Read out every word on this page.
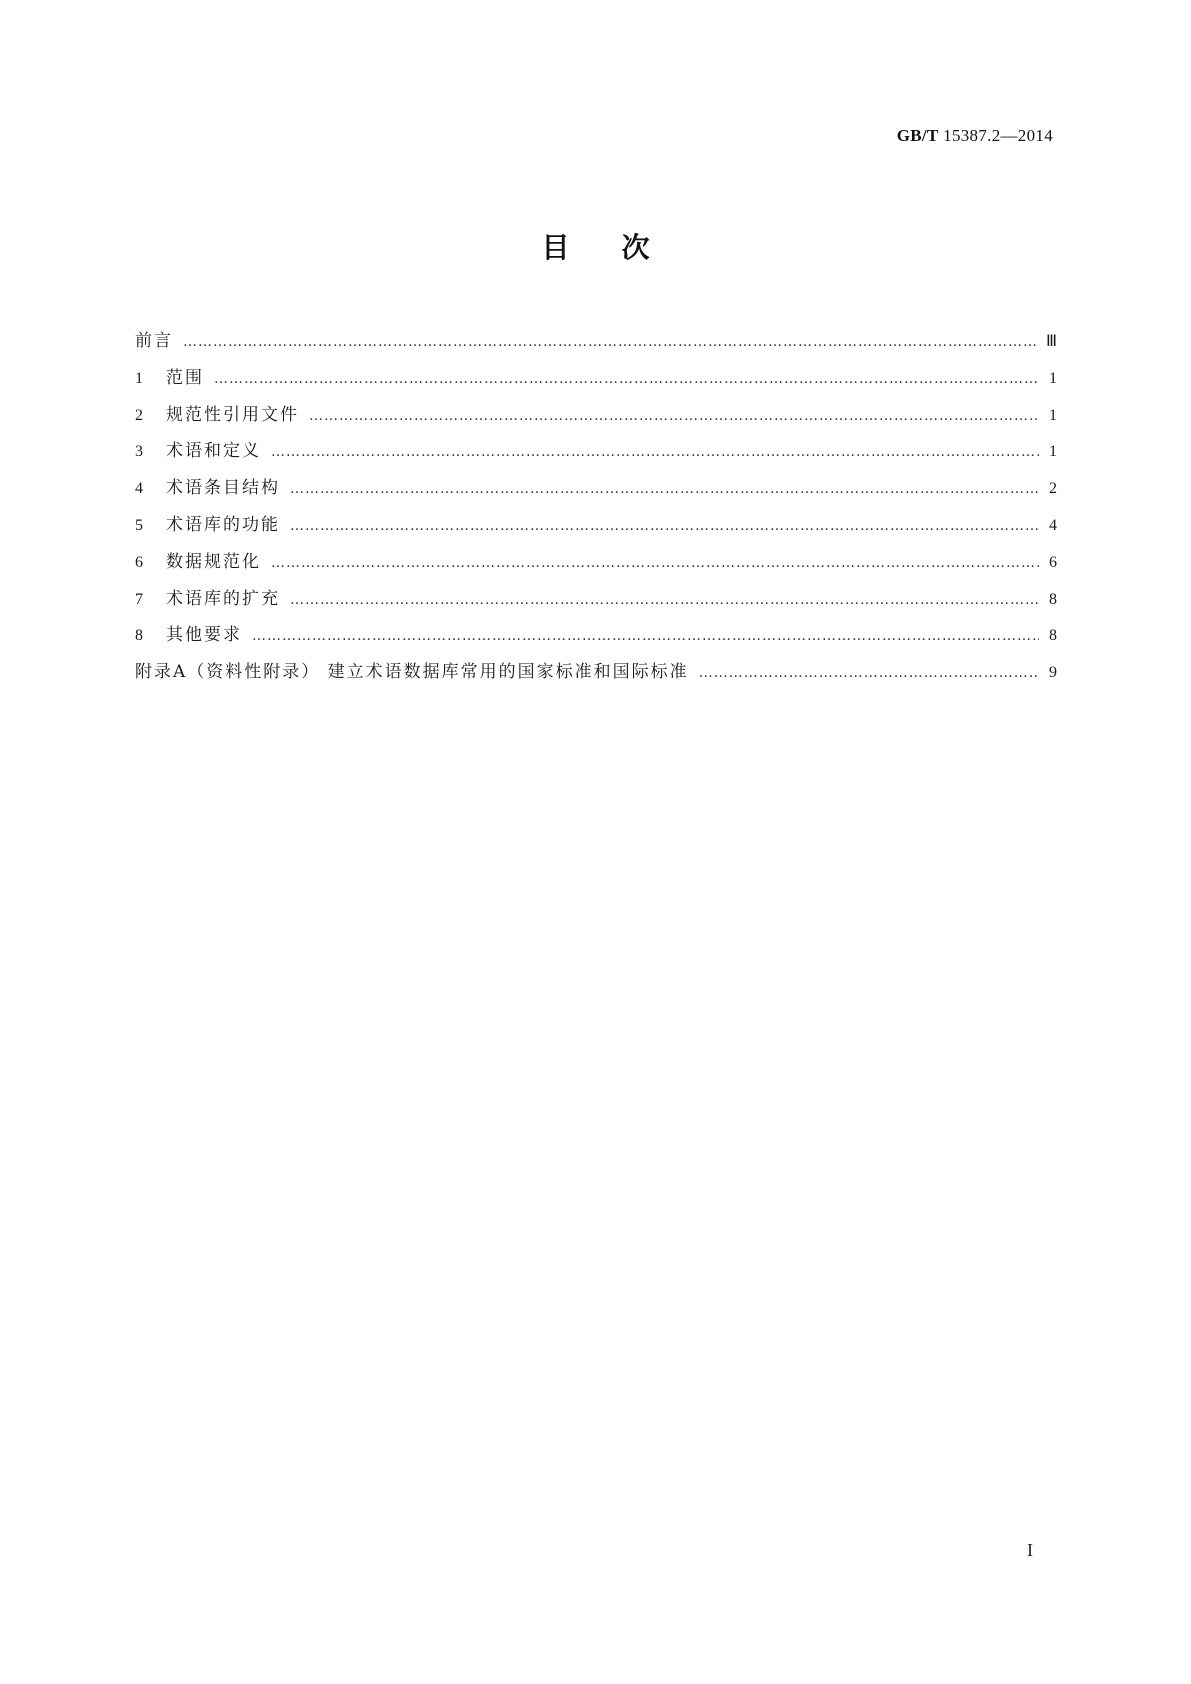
GB/T 15387.2—2014
目次
前言 …………………………………………………………………………………………………………………………………………………………………………………………………………………………………………………………	Ⅲ
1	范围 …………………………………………………………………………………………………………………………………………………………………………………………………………………………………………………………	1
2	规范性引用文件 …………………………………………………………………………………………………………………………………………………………………………………………………………………………………………………………	1
3	术语和定义 …………………………………………………………………………………………………………………………………………………………………………………………………………………………………………………………	1
4	术语条目结构 …………………………………………………………………………………………………………………………………………………………………………………………………………………………………………………………	2
5	术语库的功能 …………………………………………………………………………………………………………………………………………………………………………………………………………………………………………………………	4
6	数据规范化 …………………………………………………………………………………………………………………………………………………………………………………………………………………………………………………………	6
7	术语库的扩充 …………………………………………………………………………………………………………………………………………………………………………………………………………………………………………………………	8
8	其他要求 …………………………………………………………………………………………………………………………………………………………………………………………………………………………………………………………	8
附录A（资料性附录） 建立术语数据库常用的国家标准和国际标准 …………………………………………………………………………………………………………………………………………………………………………………………………………………………………………………………	9
I
